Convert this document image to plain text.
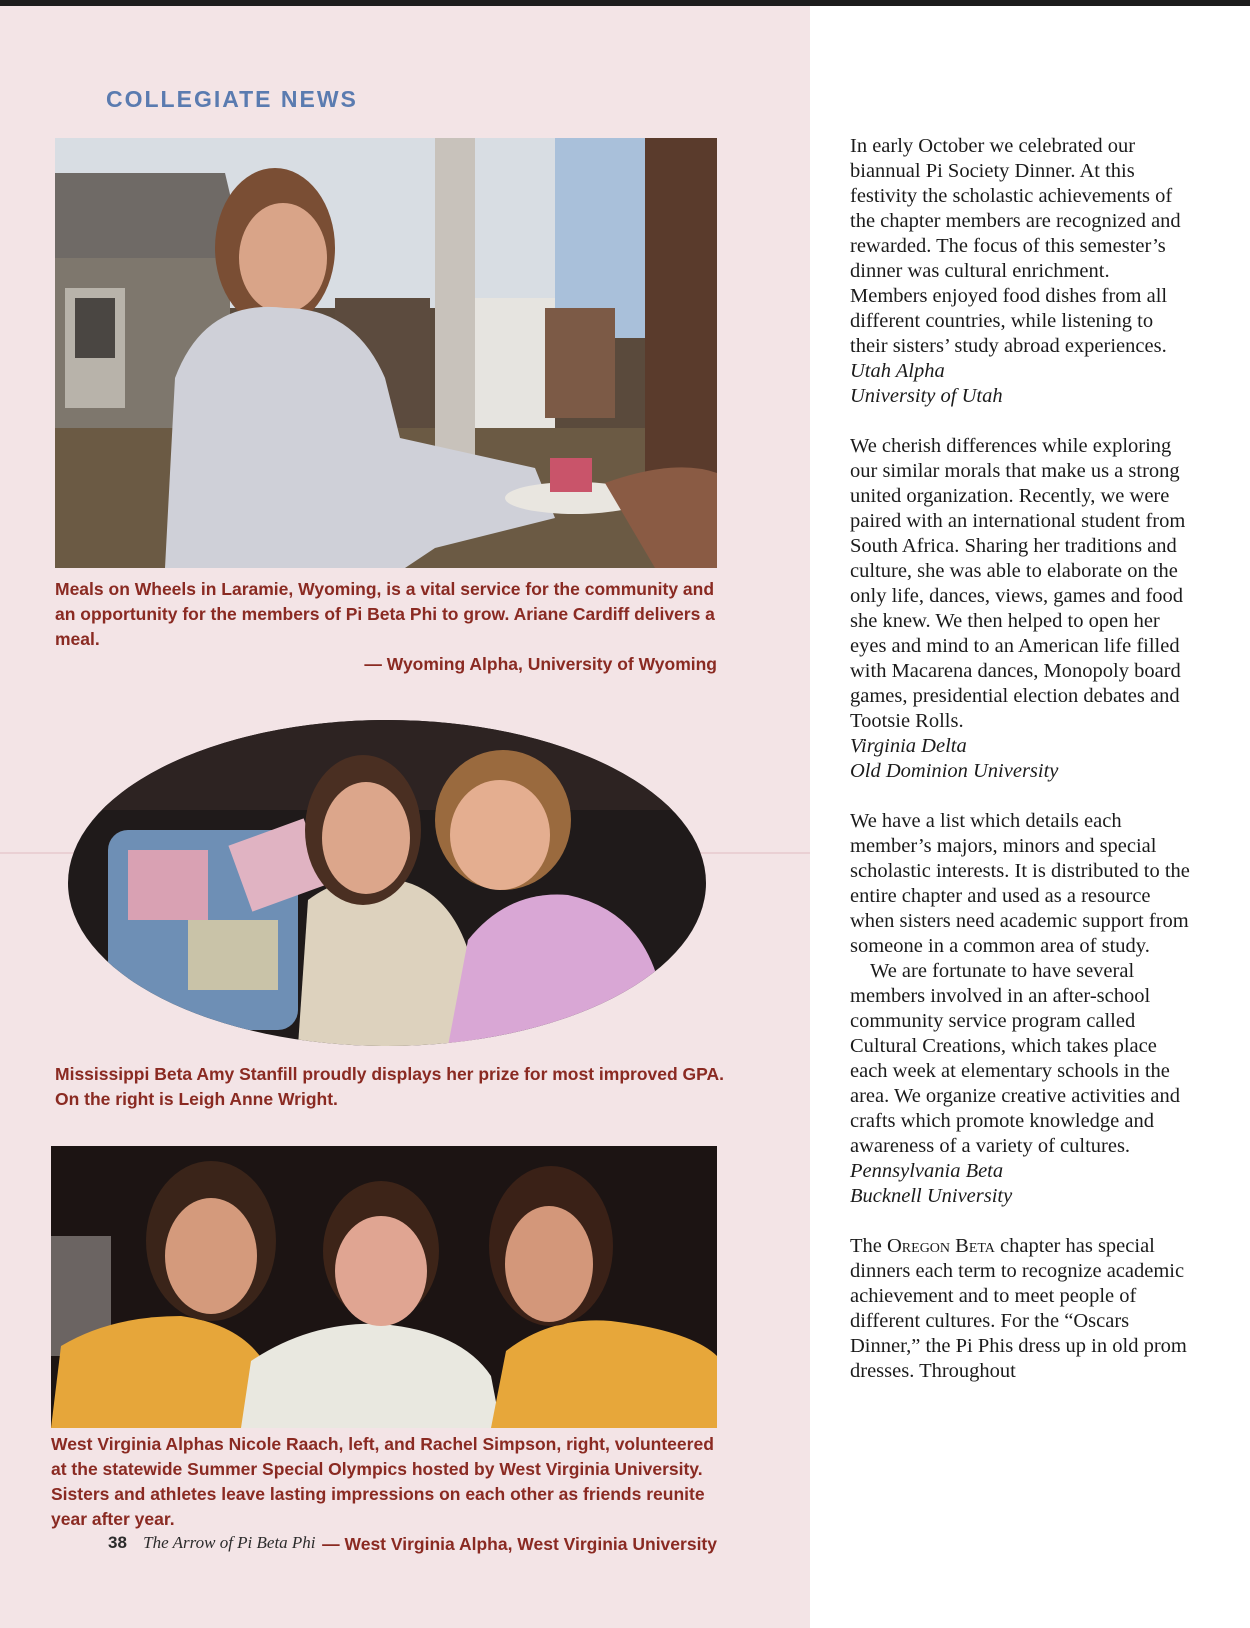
COLLEGIATE NEWS

Meals on Wheels in Laramie, Wyoming, is a vital service for the community and an opportunity for the members of Pi Beta Phi to grow. Ariane Cardiff delivers a meal.
— Wyoming Alpha, University of Wyoming

Mississippi Beta Amy Stanfill proudly displays her prize for most improved GPA. On the right is Leigh Anne Wright.

West Virginia Alphas Nicole Raach, left, and Rachel Simpson, right, volunteered at the statewide Summer Special Olympics hosted by West Virginia University. Sisters and athletes leave lasting impressions on each other as friends reunite year after year.
— West Virginia Alpha, West Virginia University

38 The Arrow of Pi Beta Phi

In early October we celebrated our biannual Pi Society Dinner. At this festivity the scholastic achievements of the chapter members are recognized and rewarded. The focus of this semester’s dinner was cultural enrichment. Members enjoyed food dishes from all different countries, while listening to their sisters’ study abroad experiences.

Utah Alpha

University of Utah

We cherish differences while exploring our similar morals that make us a strong united organization. Recently, we were paired with an international student from South Africa. Sharing her traditions and culture, she was able to elaborate on the only life, dances, views, games and food she knew. We then helped to open her eyes and mind to an American life filled with Macarena dances, Monopoly board games, presidential election debates and Tootsie Rolls.

Virginia Delta

Old Dominion University

We have a list which details each member’s majors, minors and special scholastic interests. It is distributed to the entire chapter and used as a resource when sisters need academic support from someone in a common area of study.

We are fortunate to have several members involved in an after-school community service program called Cultural Creations, which takes place each week at elementary schools in the area. We organize creative activities and crafts which promote knowledge and awareness of a variety of cultures.

Pennsylvania Beta

Bucknell University

The Oregon Beta chapter has special dinners each term to recognize academic achievement and to meet people of different cultures. For the “Oscars Dinner,” the Pi Phis dress up in old prom dresses. Throughout
